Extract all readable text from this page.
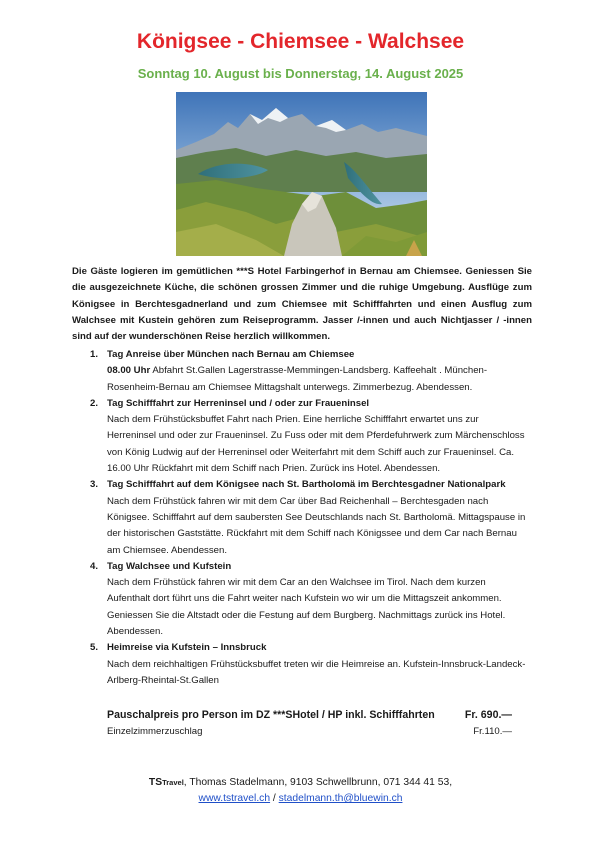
Königsee - Chiemsee - Walchsee
Sonntag 10. August bis Donnerstag, 14. August 2025
Die Gäste logieren im gemütlichen ***S Hotel Farbingerhof in Bernau am Chiemsee. Geniessen Sie die ausgezeichnete Küche, die schönen grossen Zimmer und die ruhige Umgebung. Ausflüge zum Königsee in Berchtesgadnerland und zum Chiemsee mit Schifffahrten und einen Ausflug zum Walchsee mit Kustein gehören zum Reiseprogramm. Jasser /-innen und auch Nichtjasser / -innen sind auf der wunderschönen Reise herzlich willkommen.
1. Tag Anreise über München nach Bernau am Chiemsee
08.00 Uhr Abfahrt St.Gallen Lagerstrasse-Memmingen-Landsberg. Kaffeehalt . München-Rosenheim-Bernau am Chiemsee Mittagshalt unterwegs. Zimmerbezug. Abendessen.
2. Tag Schifffahrt zur Herreninsel und / oder zur Fraueninsel
Nach dem Frühstücksbuffet Fahrt nach Prien. Eine herrliche Schifffahrt erwartet uns zur Herreninsel und oder zur Fraueninsel. Zu Fuss oder mit dem Pferdefuhrwerk zum Märchenschloss von König Ludwig auf der Herreninsel oder Weiterfahrt mit dem Schiff auch zur Fraueninsel. Ca. 16.00 Uhr Rückfahrt mit dem Schiff nach Prien. Zurück ins Hotel. Abendessen.
3. Tag Schifffahrt auf dem Königsee nach St. Bartholomä im Berchtesgadner Nationalpark
Nach dem Frühstück fahren wir mit dem Car über Bad Reichenhall – Berchtesgaden nach Königsee. Schifffahrt auf dem saubersten See Deutschlands nach St. Bartholomä. Mittagspause in der historischen Gaststätte. Rückfahrt mit dem Schiff nach Königssee und dem Car nach Bernau am Chiemsee. Abendessen.
4. Tag Walchsee und Kufstein
Nach dem Frühstück fahren wir mit dem Car an den Walchsee im Tirol. Nach dem kurzen Aufenthalt dort führt uns die Fahrt weiter nach Kufstein wo wir um die Mittagszeit ankommen. Geniessen Sie die Altstadt oder die Festung auf dem Burgberg. Nachmittags zurück ins Hotel. Abendessen.
5. Heimreise via Kufstein – Innsbruck
Nach dem reichhaltigen Frühstücksbuffet treten wir die Heimreise an. Kufstein-Innsbruck-Landeck-Arlberg-Rheintal-St.Gallen
Pauschalpreis pro Person im DZ ***SHotel / HP inkl. Schifffahrten	Fr. 690.—
Einzelzimmerzuschlag	Fr.110.—
TSTravel, Thomas Stadelmann, 9103 Schwellbrunn, 071 344 41 53,
www.tstravel.ch / stadelmann.th@bluewin.ch
